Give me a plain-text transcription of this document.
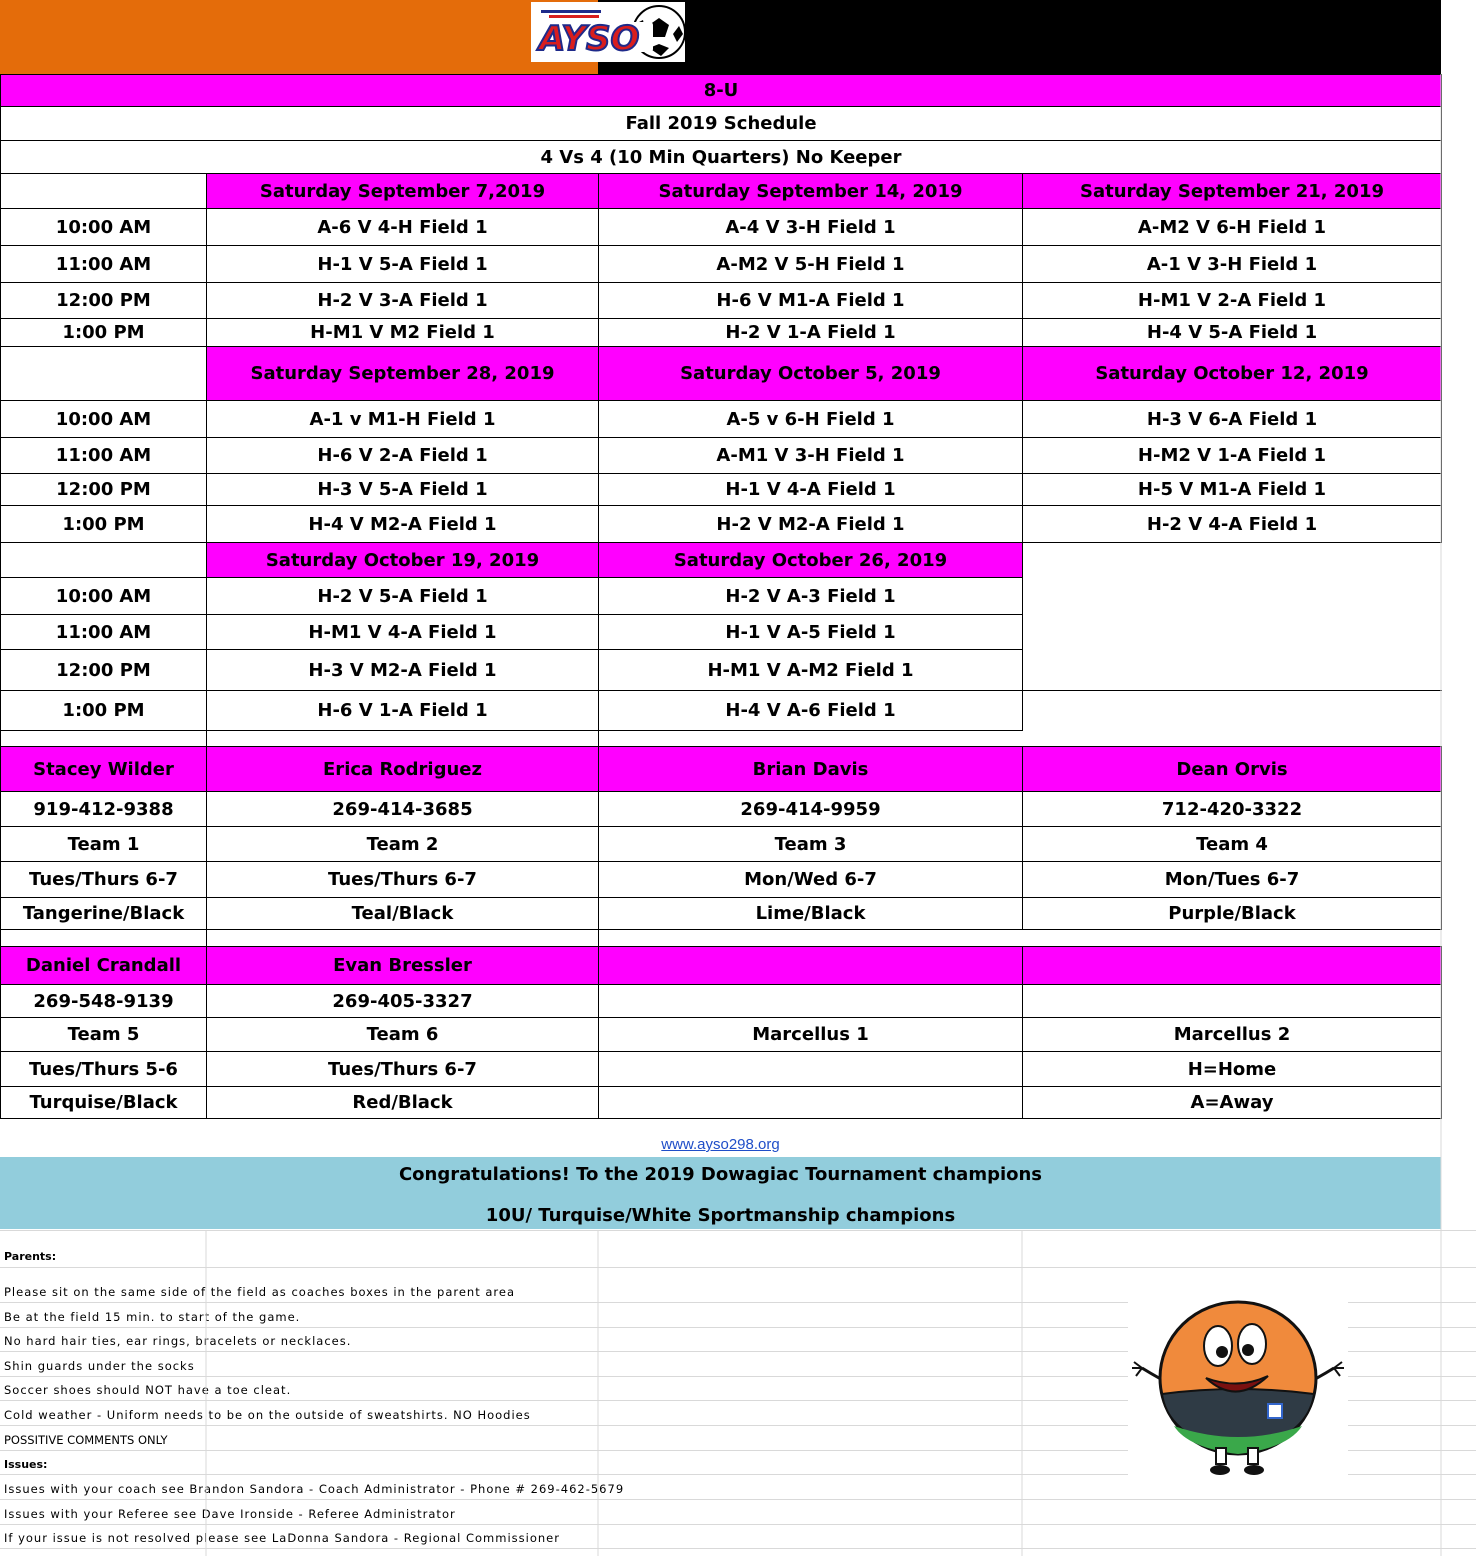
AYSO
8-U			
Fall 2019 Schedule			
4 Vs 4 (10 Min Quarters) No Keeper			
	Saturday September 7,2019	Saturday September 14, 2019	Saturday September 21, 2019
10:00 AM	A-6 V 4-H Field 1	A-4 V 3-H Field 1	A-M2 V 6-H Field 1
11:00 AM	H-1 V 5-A Field 1	A-M2 V 5-H Field 1	A-1 V 3-H Field 1
12:00 PM	H-2 V 3-A Field 1	H-6 V M1-A Field 1	H-M1 V 2-A Field 1
1:00 PM	H-M1 V M2 Field 1	H-2 V 1-A Field 1	H-4 V 5-A Field 1
	Saturday September 28, 2019	Saturday October 5, 2019	Saturday October 12, 2019
10:00 AM	A-1 v M1-H Field 1	A-5 v 6-H Field 1	H-3 V 6-A Field 1
11:00 AM	H-6 V 2-A Field 1	A-M1 V 3-H Field 1	H-M2 V 1-A Field 1
12:00 PM	H-3 V 5-A Field 1	H-1 V 4-A Field 1	H-5 V M1-A Field 1
1:00 PM	H-4 V M2-A Field 1	H-2 V M2-A Field 1	H-2 V 4-A Field 1
	Saturday October 19, 2019	Saturday October 26, 2019	
10:00 AM	H-2 V 5-A Field 1	H-2 V A-3 Field 1	
11:00 AM	H-M1 V 4-A Field 1	H-1 V A-5 Field 1	
12:00 PM	H-3 V M2-A Field 1	H-M1 V A-M2 Field 1	
1:00 PM	H-6 V 1-A Field 1	H-4 V A-6 Field 1	

Stacey Wilder	Erica Rodriguez	Brian Davis	Dean Orvis
919-412-9388	269-414-3685	269-414-9959	712-420-3322
Team 1	Team 2	Team 3	Team 4
Tues/Thurs 6-7	Tues/Thurs 6-7	Mon/Wed 6-7	Mon/Tues 6-7
Tangerine/Black	Teal/Black	Lime/Black	Purple/Black

Daniel Crandall	Evan Bressler		
269-548-9139	269-405-3327		
Team 5	Team 6	Marcellus 1	Marcellus 2
Tues/Thurs 5-6	Tues/Thurs 6-7		H=Home
Turquise/Black	Red/Black		A=Away
www.ayso298.org
Congratulations! To the 2019 Dowagiac Tournament champions
10U/ Turquise/White Sportmanship champions
Parents:
Please sit on the same side of the field as coaches boxes in the parent area
Be at the field 15 min. to start of the game.
No hard hair ties, ear rings, bracelets or necklaces.
Shin guards under the socks
Soccer shoes should NOT have a toe cleat.
Cold weather - Uniform needs to be on the outside of sweatshirts. NO Hoodies
POSSITIVE COMMENTS ONLY
Issues:
Issues with your coach see Brandon Sandora - Coach Administrator - Phone # 269-462-5679
Issues with your Referee see Dave Ironside - Referee Administrator
If your issue is not resolved please see LaDonna Sandora - Regional Commissioner
